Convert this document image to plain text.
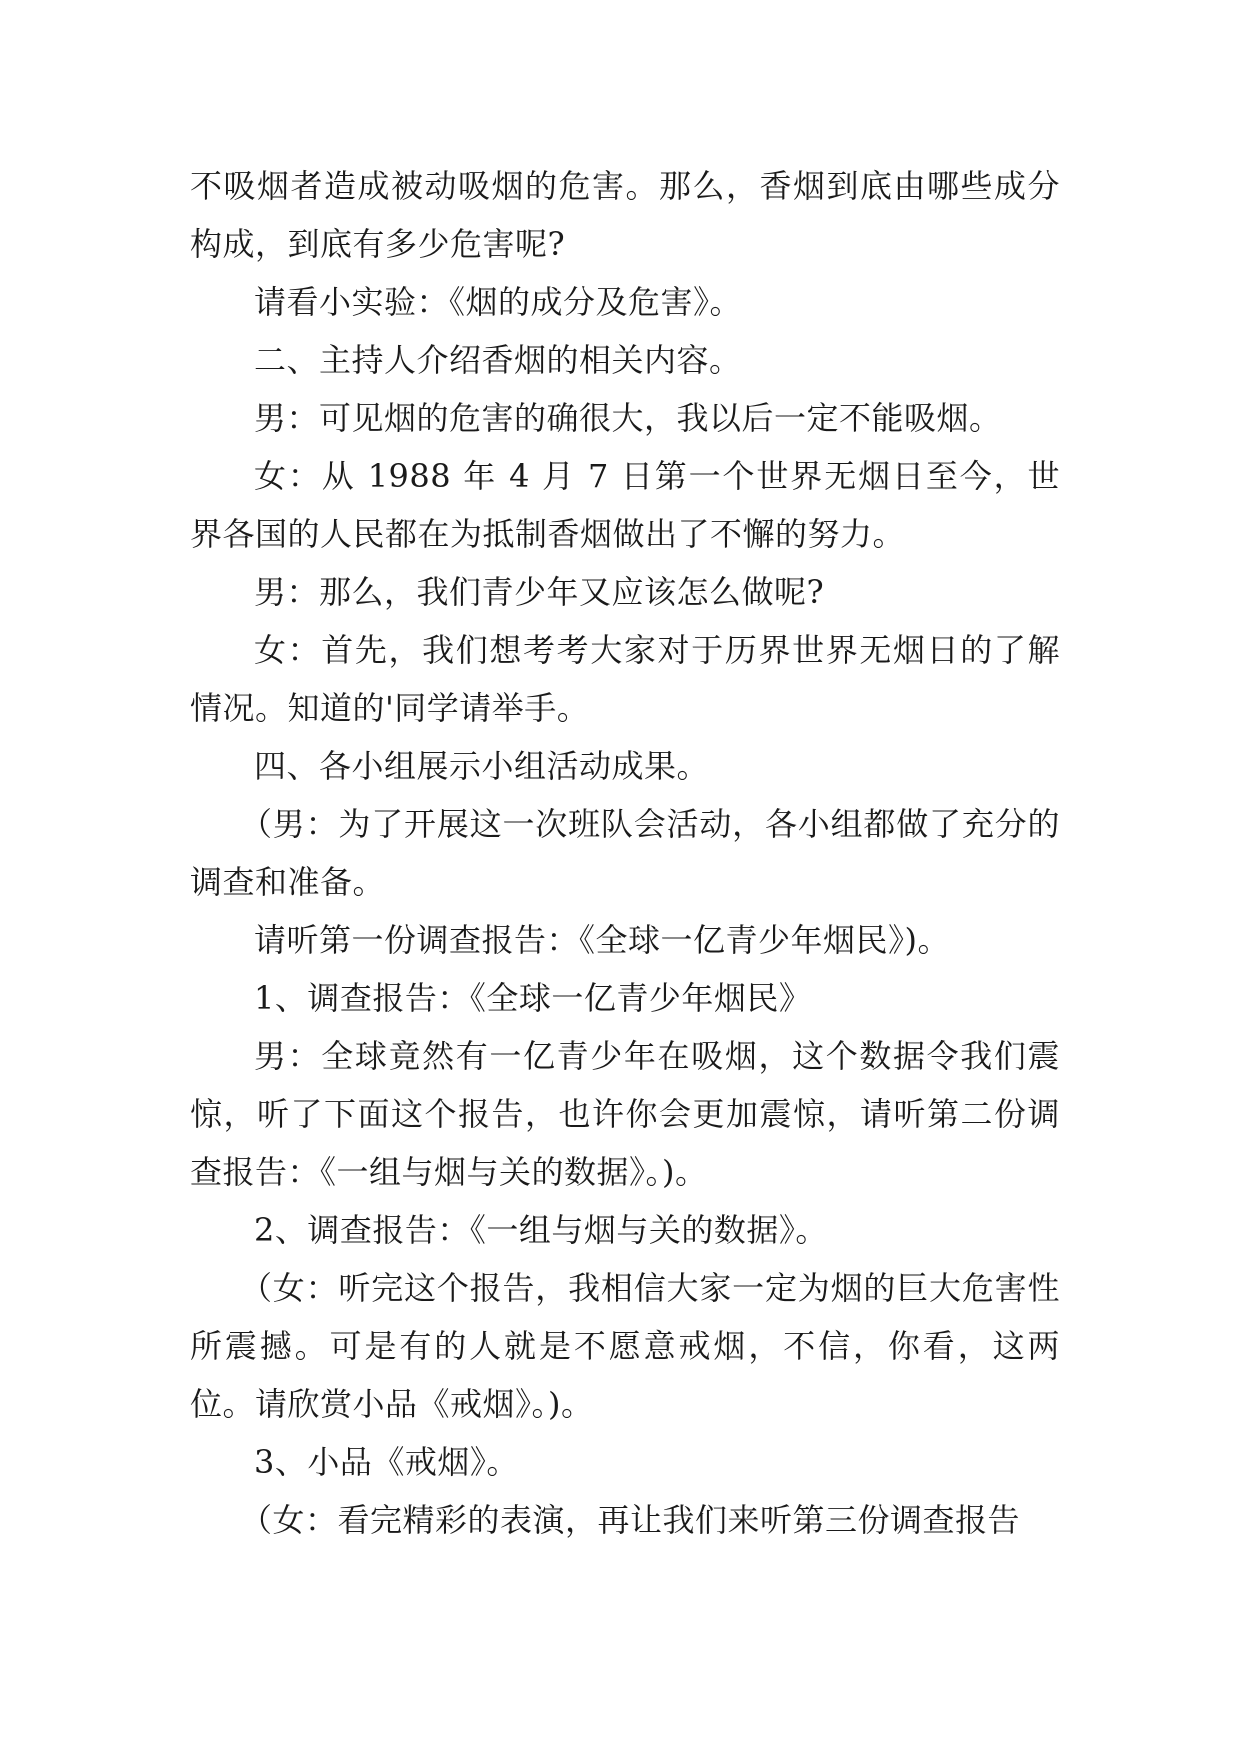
不吸烟者造成被动吸烟的危害。那么，香烟到底由哪些成分构成，到底有多少危害呢?

请看小实验：《烟的成分及危害》。

二、主持人介绍香烟的相关内容。

男：可见烟的危害的确很大，我以后一定不能吸烟。

女：从 1988 年 4 月 7 日第一个世界无烟日至今，世界各国的人民都在为抵制香烟做出了不懈的努力。

男：那么，我们青少年又应该怎么做呢?

女：首先，我们想考考大家对于历界世界无烟日的了解情况。知道的'同学请举手。

四、各小组展示小组活动成果。

（男：为了开展这一次班队会活动，各小组都做了充分的调查和准备。

请听第一份调查报告：《全球一亿青少年烟民》)。

1、调查报告：《全球一亿青少年烟民》

男：全球竟然有一亿青少年在吸烟，这个数据令我们震惊，听了下面这个报告，也许你会更加震惊，请听第二份调查报告：《一组与烟与关的数据》。)。

2、调查报告：《一组与烟与关的数据》。

（女：听完这个报告，我相信大家一定为烟的巨大危害性所震撼。可是有的人就是不愿意戒烟，不信，你看，这两位。请欣赏小品《戒烟》。)。

3、小品《戒烟》。

（女：看完精彩的表演，再让我们来听第三份调查报告
